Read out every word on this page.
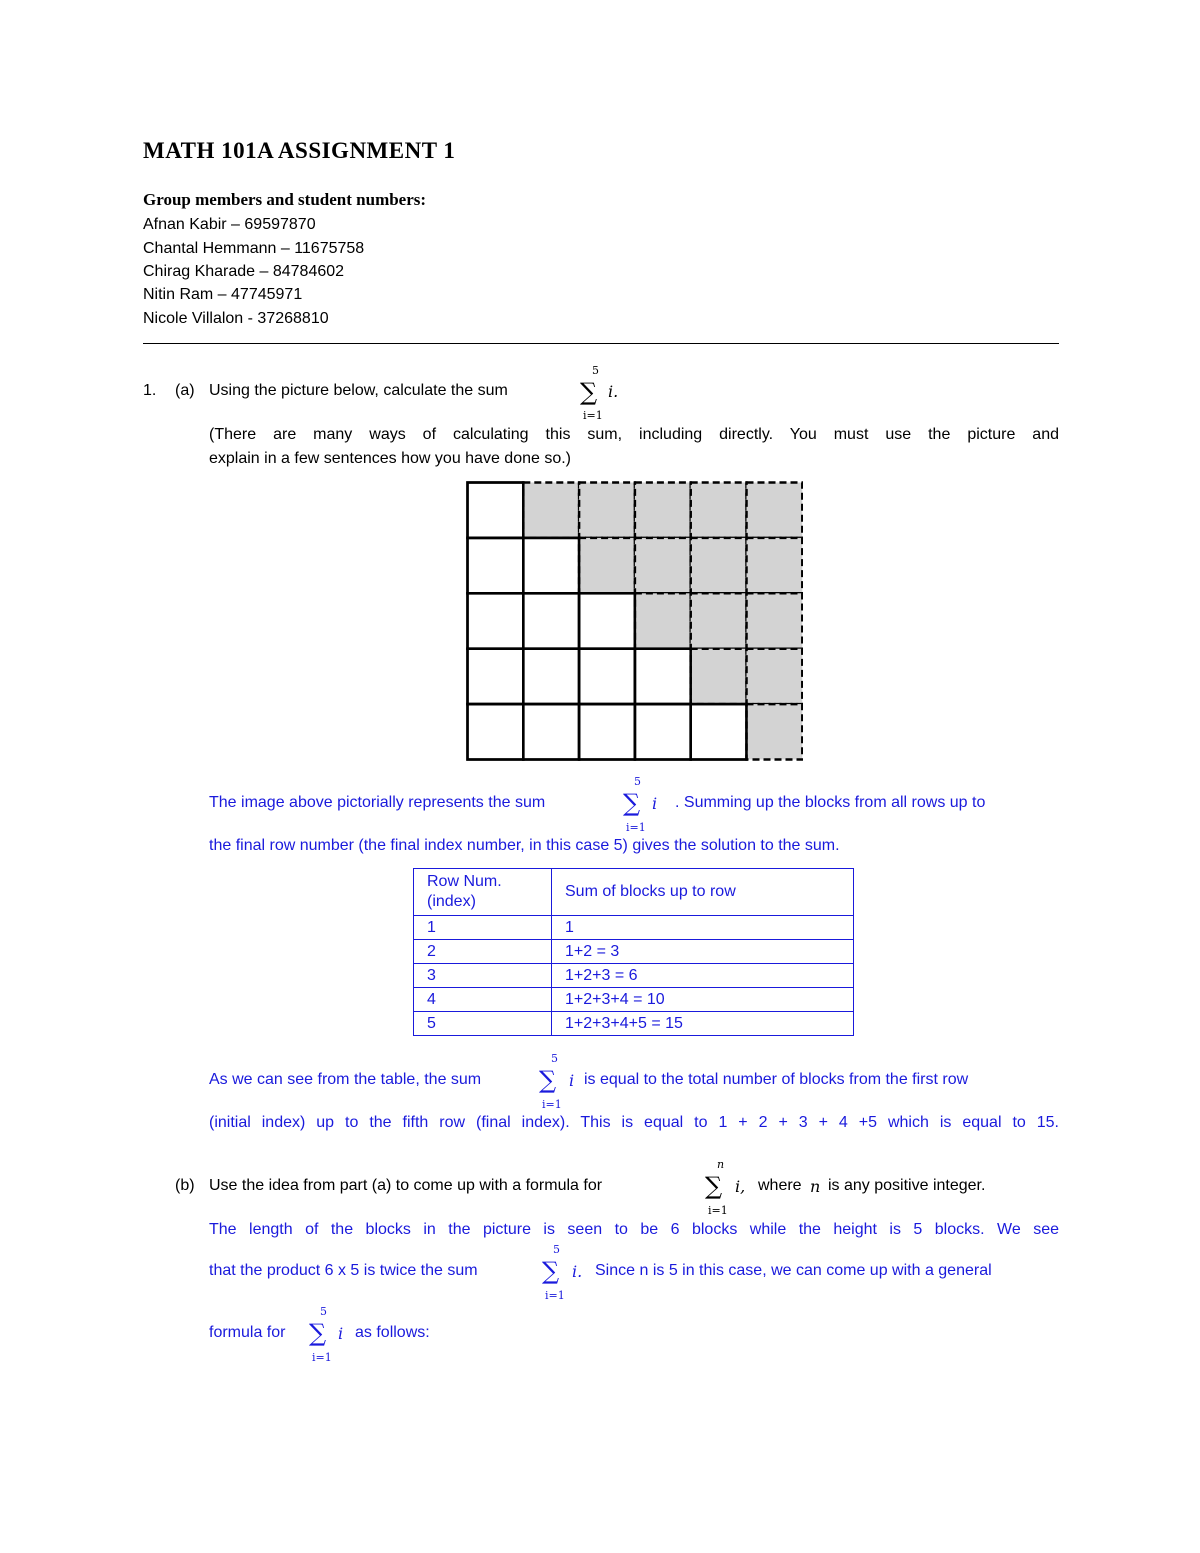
MATH 101A ASSIGNMENT 1
Group members and student numbers:
Afnan Kabir – 69597870
Chantal Hemmann – 11675758
Chirag Kharade – 84784602
Nitin Ram – 47745971
Nicole Villalon - 37268810
1. (a) Using the picture below, calculate the sum
5
∑
i=1
i.
(There are many ways of calculating this sum, including directly. You must use the picture and
explain in a few sentences how you have done so.)
The image above pictorially represents the sum
5
∑
i=1
i . Summing up the blocks from all rows up to
the final row number (the final index number, in this case 5) gives the solution to the sum.
Row Num. (index)	Sum of blocks up to row
1	1
2	1+2 = 3
3	1+2+3 = 6
4	1+2+3+4 = 10
5	1+2+3+4+5 = 15
As we can see from the table, the sum
5
∑
i=1
i is equal to the total number of blocks from the first row
(initial index) up to the fifth row (final index). This is equal to 1 + 2 + 3 + 4 +5 which is equal to 15.
(b) Use the idea from part (a) to come up with a formula for
n
∑
i=1
i, where n is any positive integer.
The length of the blocks in the picture is seen to be 6 blocks while the height is 5 blocks. We see
that the product 6 x 5 is twice the sum
5
∑
i=1
i. Since n is 5 in this case, we can come up with a general
formula for
5
∑
i=1
i as follows:
